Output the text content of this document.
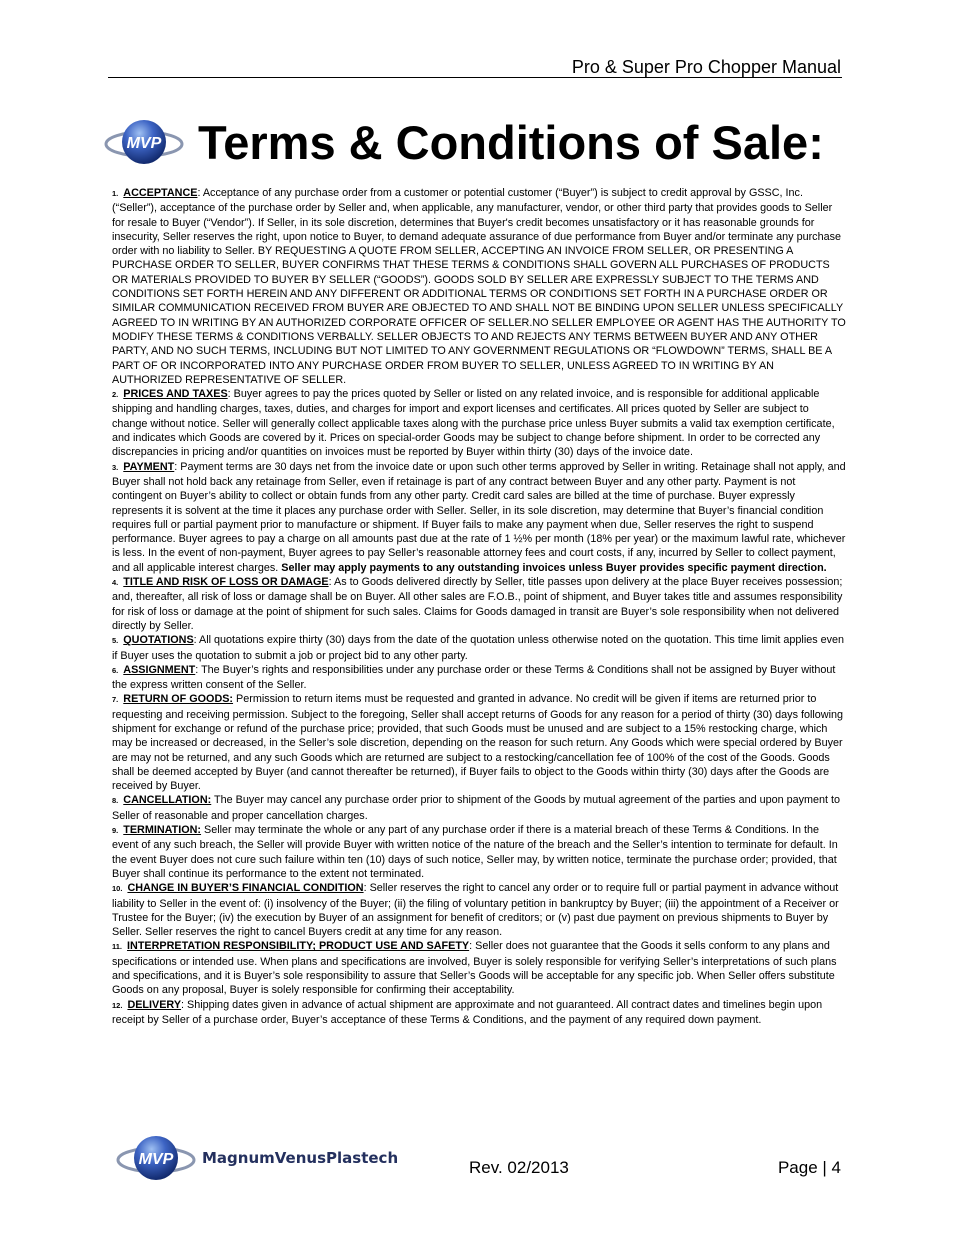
Pro & Super Pro Chopper Manual
MVP Terms & Conditions of Sale:

1. ACCEPTANCE: Acceptance of any purchase order from a customer or potential customer (“Buyer”) is subject to credit approval by GSSC, Inc. (“Seller”), acceptance of the purchase order by Seller and, when applicable, any manufacturer, vendor, or other third party that provides goods to Seller for resale to Buyer (“Vendor”). If Seller, in its sole discretion, determines that Buyer's credit becomes unsatisfactory or it has reasonable grounds for insecurity, Seller reserves the right, upon notice to Buyer, to demand adequate assurance of due performance from Buyer and/or terminate any purchase order with no liability to Seller. BY REQUESTING A QUOTE FROM SELLER, ACCEPTING AN INVOICE FROM SELLER, OR PRESENTING A PURCHASE ORDER TO SELLER, BUYER CONFIRMS THAT THESE TERMS & CONDITIONS SHALL GOVERN ALL PURCHASES OF PRODUCTS OR MATERIALS PROVIDED TO BUYER BY SELLER (“GOODS”). GOODS SOLD BY SELLER ARE EXPRESSLY SUBJECT TO THE TERMS AND CONDITIONS SET FORTH HEREIN AND ANY DIFFERENT OR ADDITIONAL TERMS OR CONDITIONS SET FORTH IN A PURCHASE ORDER OR SIMILAR COMMUNICATION RECEIVED FROM BUYER ARE OBJECTED TO AND SHALL NOT BE BINDING UPON SELLER UNLESS SPECIFICALLY AGREED TO IN WRITING BY AN AUTHORIZED CORPORATE OFFICER OF SELLER.NO SELLER EMPLOYEE OR AGENT HAS THE AUTHORITY TO MODIFY THESE TERMS & CONDITIONS VERBALLY. SELLER OBJECTS TO AND REJECTS ANY TERMS BETWEEN BUYER AND ANY OTHER PARTY, AND NO SUCH TERMS, INCLUDING BUT NOT LIMITED TO ANY GOVERNMENT REGULATIONS OR “FLOWDOWN” TERMS, SHALL BE A PART OF OR INCORPORATED INTO ANY PURCHASE ORDER FROM BUYER TO SELLER, UNLESS AGREED TO IN WRITING BY AN AUTHORIZED REPRESENTATIVE OF SELLER.

2. PRICES AND TAXES: Buyer agrees to pay the prices quoted by Seller or listed on any related invoice, and is responsible for additional applicable shipping and handling charges, taxes, duties, and charges for import and export licenses and certificates. All prices quoted by Seller are subject to change without notice. Seller will generally collect applicable taxes along with the purchase price unless Buyer submits a valid tax exemption certificate, and indicates which Goods are covered by it. Prices on special-order Goods may be subject to change before shipment. In order to be corrected any discrepancies in pricing and/or quantities on invoices must be reported by Buyer within thirty (30) days of the invoice date.

3. PAYMENT: Payment terms are 30 days net from the invoice date or upon such other terms approved by Seller in writing. Retainage shall not apply, and Buyer shall not hold back any retainage from Seller, even if retainage is part of any contract between Buyer and any other party. Payment is not contingent on Buyer’s ability to collect or obtain funds from any other party. Credit card sales are billed at the time of purchase. Buyer expressly represents it is solvent at the time it places any purchase order with Seller. Seller, in its sole discretion, may determine that Buyer’s financial condition requires full or partial payment prior to manufacture or shipment. If Buyer fails to make any payment when due, Seller reserves the right to suspend performance. Buyer agrees to pay a charge on all amounts past due at the rate of 1 ½% per month (18% per year) or the maximum lawful rate, whichever is less. In the event of non-payment, Buyer agrees to pay Seller’s reasonable attorney fees and court costs, if any, incurred by Seller to collect payment, and all applicable interest charges. Seller may apply payments to any outstanding invoices unless Buyer provides specific payment direction.

4. TITLE AND RISK OF LOSS OR DAMAGE: As to Goods delivered directly by Seller, title passes upon delivery at the place Buyer receives possession; and, thereafter, all risk of loss or damage shall be on Buyer. All other sales are F.O.B., point of shipment, and Buyer takes title and assumes responsibility for risk of loss or damage at the point of shipment for such sales. Claims for Goods damaged in transit are Buyer’s sole responsibility when not delivered directly by Seller.

5. QUOTATIONS: All quotations expire thirty (30) days from the date of the quotation unless otherwise noted on the quotation. This time limit applies even if Buyer uses the quotation to submit a job or project bid to any other party.

6. ASSIGNMENT: The Buyer’s rights and responsibilities under any purchase order or these Terms & Conditions shall not be assigned by Buyer without the express written consent of the Seller.

7. RETURN OF GOODS: Permission to return items must be requested and granted in advance. No credit will be given if items are returned prior to requesting and receiving permission. Subject to the foregoing, Seller shall accept returns of Goods for any reason for a period of thirty (30) days following shipment for exchange or refund of the purchase price; provided, that such Goods must be unused and are subject to a 15% restocking charge, which may be increased or decreased, in the Seller’s sole discretion, depending on the reason for such return. Any Goods which were special ordered by Buyer are may not be returned, and any such Goods which are returned are subject to a restocking/cancellation fee of 100% of the cost of the Goods. Goods shall be deemed accepted by Buyer (and cannot thereafter be returned), if Buyer fails to object to the Goods within thirty (30) days after the Goods are received by Buyer.

8. CANCELLATION: The Buyer may cancel any purchase order prior to shipment of the Goods by mutual agreement of the parties and upon payment to Seller of reasonable and proper cancellation charges.

9. TERMINATION: Seller may terminate the whole or any part of any purchase order if there is a material breach of these Terms & Conditions. In the event of any such breach, the Seller will provide Buyer with written notice of the nature of the breach and the Seller’s intention to terminate for default. In the event Buyer does not cure such failure within ten (10) days of such notice, Seller may, by written notice, terminate the purchase order; provided, that Buyer shall continue its performance to the extent not terminated.

10. CHANGE IN BUYER’S FINANCIAL CONDITION: Seller reserves the right to cancel any order or to require full or partial payment in advance without liability to Seller in the event of: (i) insolvency of the Buyer; (ii) the filing of voluntary petition in bankruptcy by Buyer; (iii) the appointment of a Receiver or Trustee for the Buyer; (iv) the execution by Buyer of an assignment for benefit of creditors; or (v) past due payment on previous shipments to Buyer by Seller. Seller reserves the right to cancel Buyers credit at any time for any reason.

11. INTERPRETATION RESPONSIBILITY; PRODUCT USE AND SAFETY: Seller does not guarantee that the Goods it sells conform to any plans and specifications or intended use. When plans and specifications are involved, Buyer is solely responsible for verifying Seller’s interpretations of such plans and specifications, and it is Buyer’s sole responsibility to assure that Seller’s Goods will be acceptable for any specific job. When Seller offers substitute Goods on any proposal, Buyer is solely responsible for confirming their acceptability.

12. DELIVERY: Shipping dates given in advance of actual shipment are approximate and not guaranteed. All contract dates and timelines begin upon receipt by Seller of a purchase order, Buyer’s acceptance of these Terms & Conditions, and the payment of any required down payment.

MVP MagnumVenusPlastech	Rev. 02/2013	Page | 4
